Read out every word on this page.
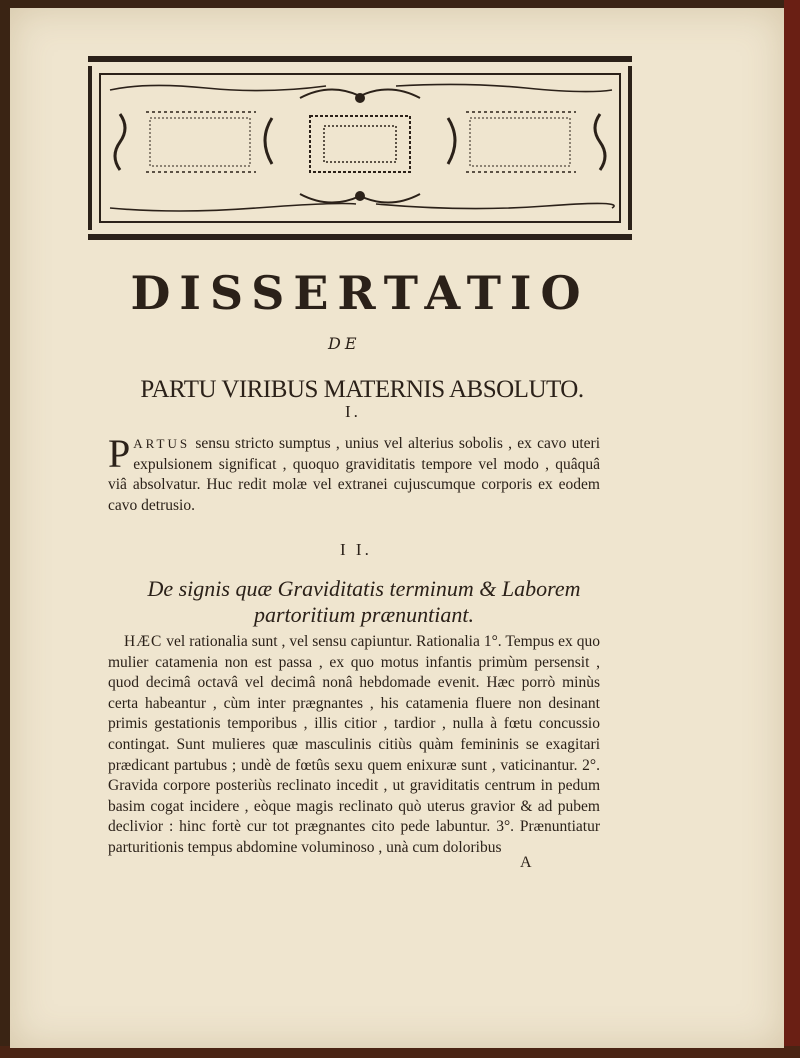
DISSERTATIO
DE
PARTU VIRIBUS MATERNIS ABSOLUTO.
I.
PARTUS sensu stricto sumptus , unius vel alterius sobolis , ex cavo uteri expulsionem significat , quoquo graviditatis tempore vel modo , quâquâ viâ absolvatur. Huc redit molæ vel extranei cujuscumque corporis ex eodem cavo detrusio.
I I.
De signis quæ Graviditatis terminum & Laborem partoritium prænuntiant.
HÆC vel rationalia sunt , vel sensu capiuntur. Rationalia 1°. Tempus ex quo mulier catamenia non est passa , ex quo motus infantis primùm persensit , quod decimâ octavâ vel decimâ nonâ hebdomade evenit. Hæc porrò minùs certa habeantur , cùm inter prægnantes , his catamenia fluere non desinant primis gestationis temporibus , illis citior , tardior , nulla à fœtu concussio contingat. Sunt mulieres quæ masculinis citiùs quàm femininis se exagitari prædicant partubus ; undè de fœtûs sexu quem enixuræ sunt , vaticinantur. 2°. Gravida corpore posteriùs reclinato incedit , ut graviditatis centrum in pedum basim cogat incidere , eòque magis reclinato quò uterus gravior & ad pubem declivior : hinc fortè cur tot prægnantes cito pede labuntur. 3°. Prænuntiatur parturitionis tempus abdomine voluminoso , unà cum doloribus
A
